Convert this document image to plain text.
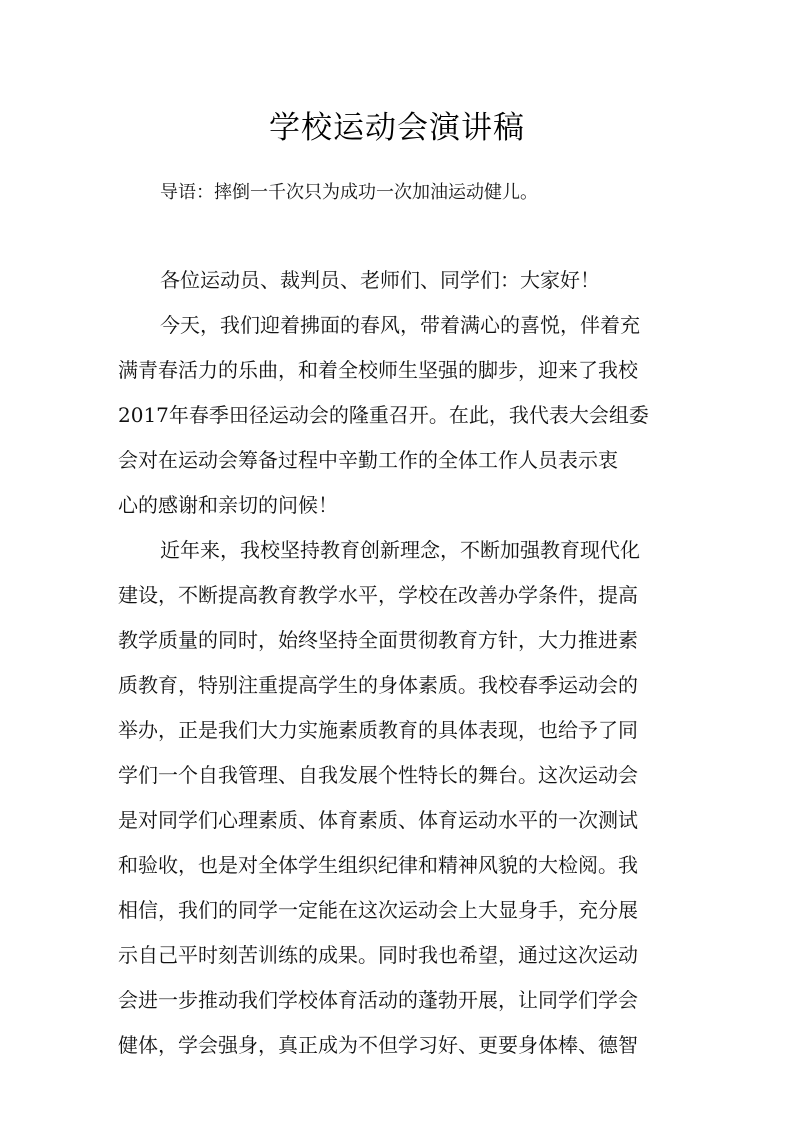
学校运动会演讲稿
导语：摔倒一千次只为成功一次加油运动健儿。
各位运动员、裁判员、老师们、同学们：大家好！
今天，我们迎着拂面的春风，带着满心的喜悦，伴着充
满青春活力的乐曲，和着全校师生坚强的脚步，迎来了我校
2017年春季田径运动会的隆重召开。在此，我代表大会组委
会对在运动会筹备过程中辛勤工作的全体工作人员表示衷
心的感谢和亲切的问候！
近年来，我校坚持教育创新理念，不断加强教育现代化
建设，不断提高教育教学水平，学校在改善办学条件，提高
教学质量的同时，始终坚持全面贯彻教育方针，大力推进素
质教育，特别注重提高学生的身体素质。我校春季运动会的
举办，正是我们大力实施素质教育的具体表现，也给予了同
学们一个自我管理、自我发展个性特长的舞台。这次运动会
是对同学们心理素质、体育素质、体育运动水平的一次测试
和验收，也是对全体学生组织纪律和精神风貌的大检阅。我
相信，我们的同学一定能在这次运动会上大显身手，充分展
示自己平时刻苦训练的成果。同时我也希望，通过这次运动
会进一步推动我们学校体育活动的蓬勃开展，让同学们学会
健体，学会强身，真正成为不但学习好、更要身体棒、德智
